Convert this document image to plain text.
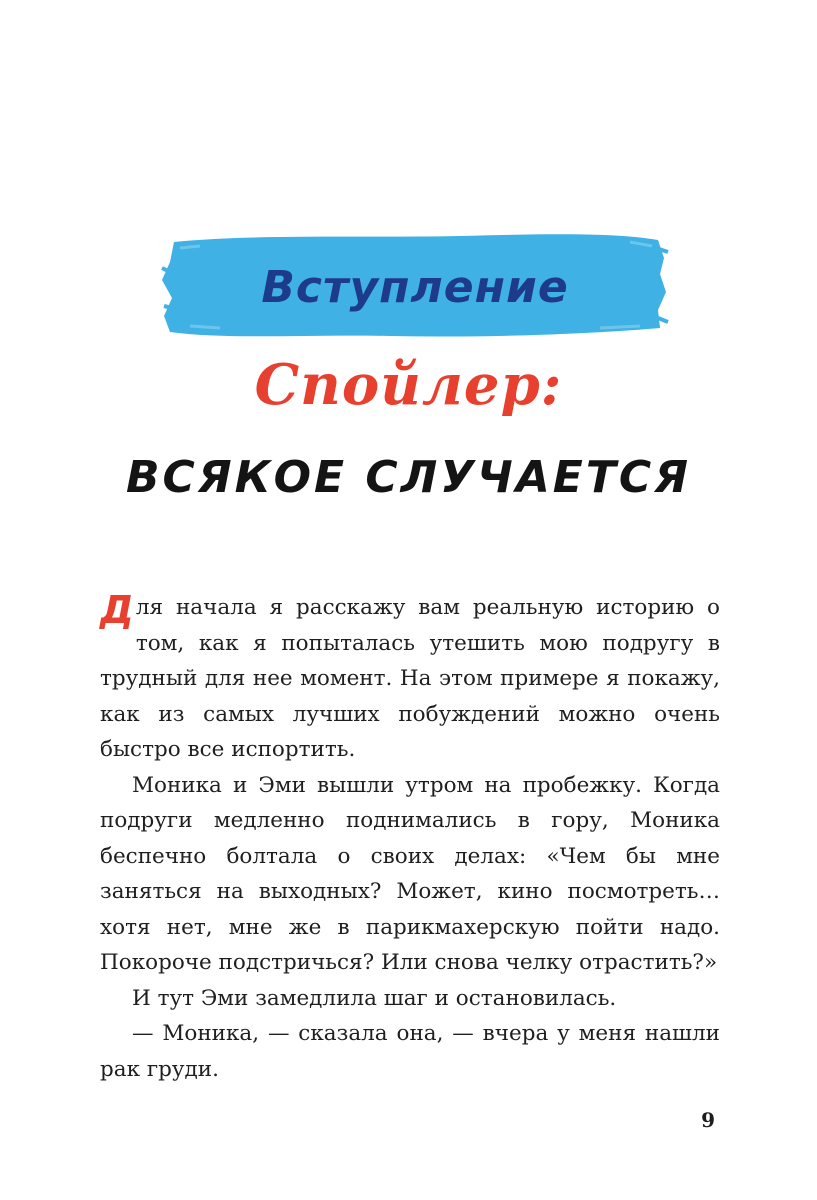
Вступление
Спойлер:
ВСЯКОЕ СЛУЧАЕТСЯ

Для начала я расскажу вам реальную историю о том, как я попыталась утешить мою подругу в трудный для нее момент. На этом примере я покажу, как из самых лучших побуждений можно очень быстро все испортить.

Моника и Эми вышли утром на пробежку. Когда подруги медленно поднимались в гору, Моника беспечно болтала о своих делах: «Чем бы мне заняться на выходных? Может, кино посмотреть… хотя нет, мне же в парикмахерскую пойти надо. Покороче подстричься? Или снова челку отрастить?»

И тут Эми замедлила шаг и остановилась.

— Моника, — сказала она, — вчера у меня нашли рак груди.

9
